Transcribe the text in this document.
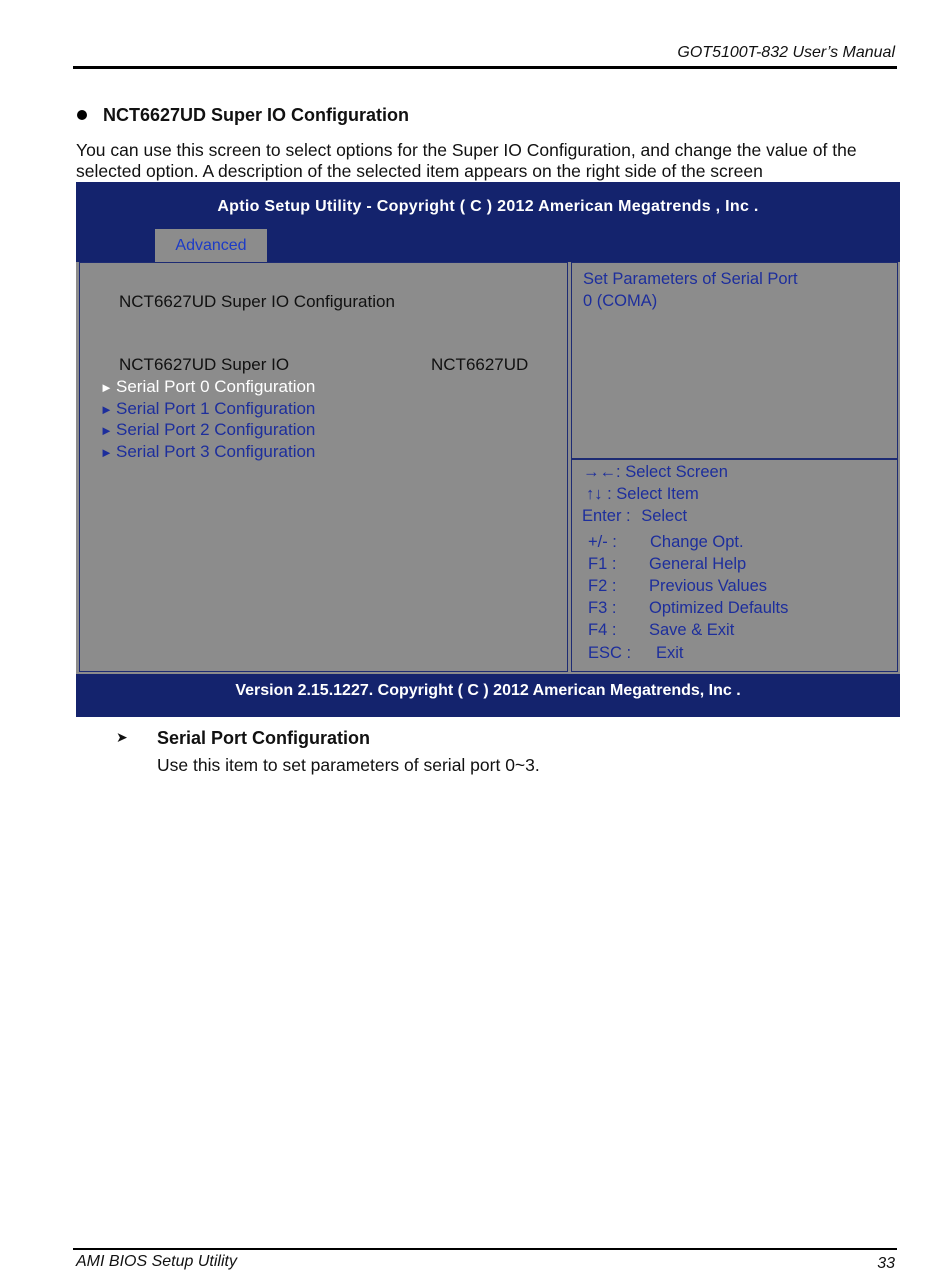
GOT5100T-832 User’s Manual
NCT6627UD Super IO Configuration
You can use this screen to select options for the Super IO Configuration, and change the value of the selected option. A description of the selected item appears on the right side of the screen
Aptio Setup Utility - Copyright ( C ) 2012 American Megatrends , Inc .
Advanced
NCT6627UD Super IO Configuration
NCT6627UD Super IO	NCT6627UD
► Serial Port 0 Configuration
► Serial Port 1 Configuration
► Serial Port 2 Configuration
► Serial Port 3 Configuration
Set Parameters of Serial Port
0 (COMA)
→←: Select Screen
↑↓ : Select Item
Enter : Select
+/- : Change Opt.
F1 : General Help
F2 : Previous Values
F3 : Optimized Defaults
F4 : Save & Exit
ESC : Exit
Version 2.15.1227. Copyright ( C ) 2012 American Megatrends, Inc .
➤ Serial Port Configuration
Use this item to set parameters of serial port 0~3.
AMI BIOS Setup Utility	33
